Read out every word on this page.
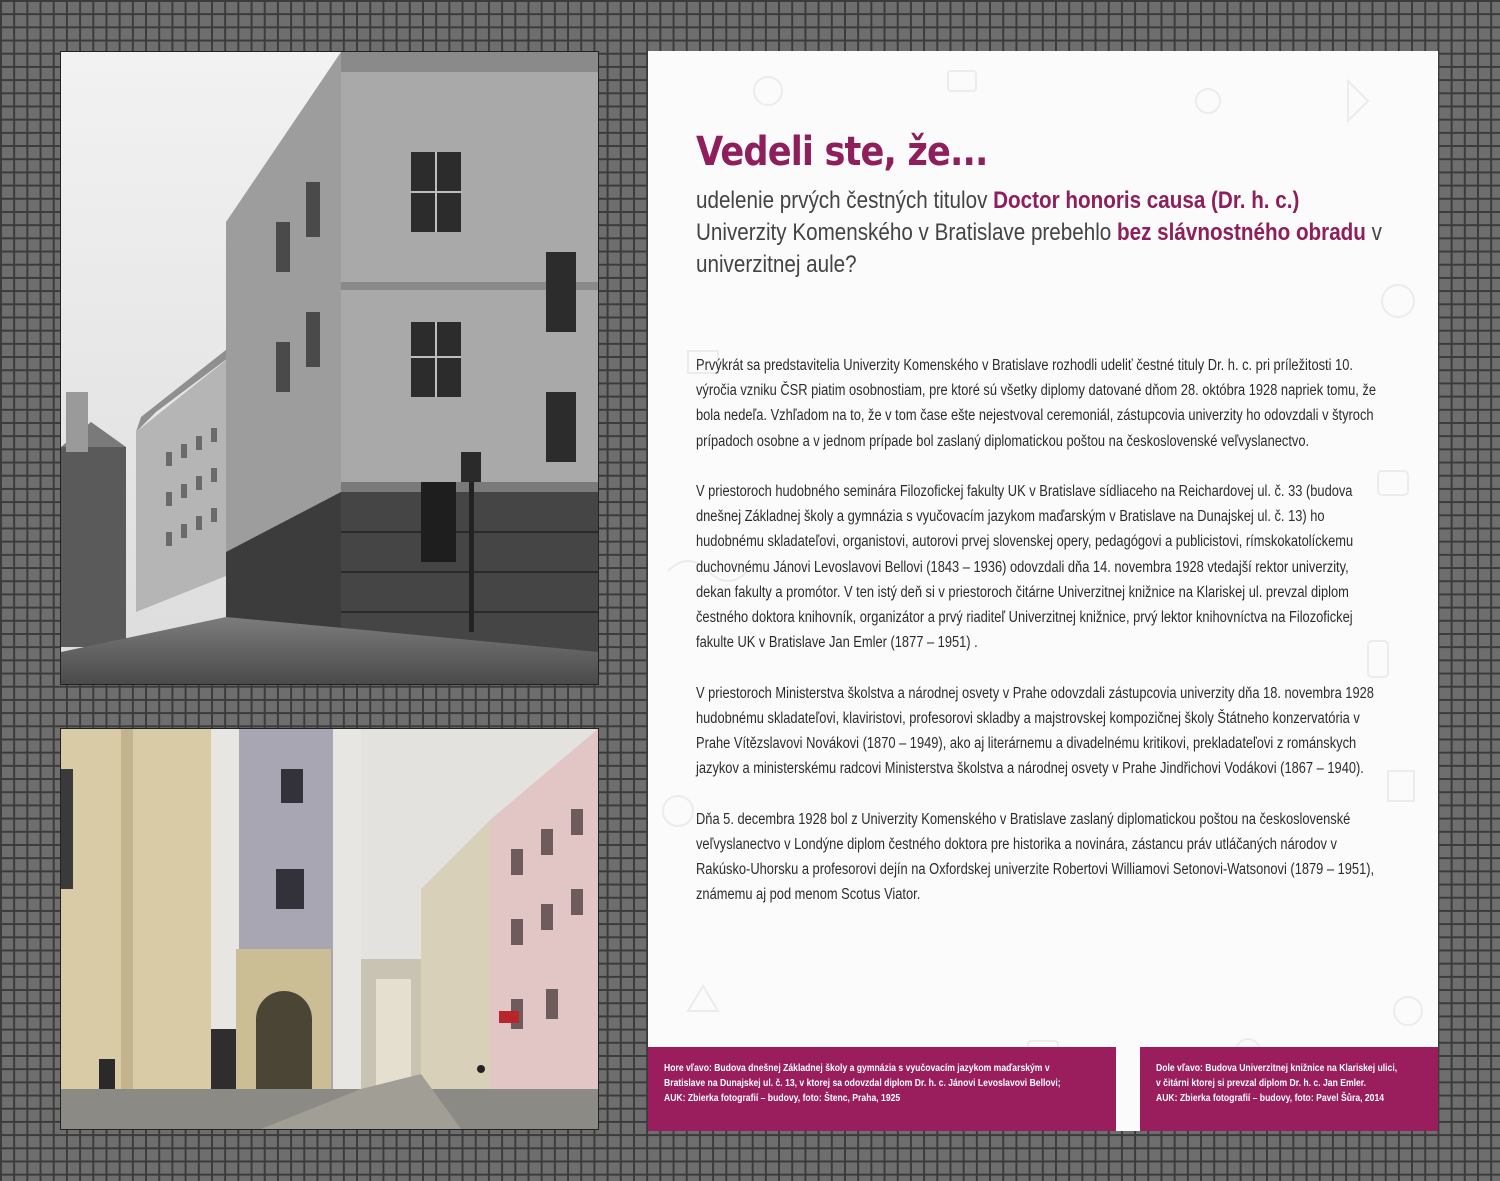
Vedeli ste, že...

udelenie prvých čestných titulov Doctor honoris causa (Dr. h. c.) Univerzity Komenského v Bratislave prebehlo bez slávnostného obradu v univerzitnej aule?

Prvýkrát sa predstavitelia Univerzity Komenského v Bratislave rozhodli udeliť čestné tituly Dr. h. c. pri príležitosti 10. výročia vzniku ČSR piatim osobnostiam, pre ktoré sú všetky diplomy datované dňom 28. októbra 1928 napriek tomu, že bola nedeľa. Vzhľadom na to, že v tom čase ešte nejestvoval ceremoniál, zástupcovia univerzity ho odovzdali v štyroch prípadoch osobne a v jednom prípade bol zaslaný diplomatickou poštou na československé veľvyslanectvo.

V priestoroch hudobného seminára Filozofickej fakulty UK v Bratislave sídliaceho na Reichardovej ul. č. 33 (budova dnešnej Základnej školy a gymnázia s vyučovacím jazykom maďarským v Bratislave na Dunajskej ul. č. 13) ho hudobnému skladateľovi, organistovi, autorovi prvej slovenskej opery, pedagógovi a publicistovi, rímskokatolíckemu duchovnému Jánovi Levoslavovi Bellovi (1843 – 1936) odovzdali dňa 14. novembra 1928 vtedajší rektor univerzity, dekan fakulty a promótor. V ten istý deň si v priestoroch čitárne Univerzitnej knižnice na Klariskej ul. prevzal diplom čestného doktora knihovník, organizátor a prvý riaditeľ Univerzitnej knižnice, prvý lektor knihovníctva na Filozofickej fakulte UK v Bratislave Jan Emler (1877 – 1951) .

V priestoroch Ministerstva školstva a národnej osvety v Prahe odovzdali zástupcovia univerzity dňa 18. novembra 1928 hudobnému skladateľovi, klaviristovi, profesorovi skladby a majstrovskej kompozičnej školy Štátneho konzervatória v Prahe Vítězslavovi Novákovi (1870 – 1949), ako aj literárnemu a divadelnému kritikovi, prekladateľovi z románskych jazykov a ministerskému radcovi Ministerstva školstva a národnej osvety v Prahe Jindřichovi Vodákovi (1867 – 1940).

Dňa 5. decembra 1928 bol z Univerzity Komenského v Bratislave zaslaný diplomatickou poštou na československé veľvyslanectvo v Londýne diplom čestného doktora pre historika a novinára, zástancu práv utláčaných národov v Rakúsko-Uhorsku a profesorovi dejín na Oxfordskej univerzite Robertovi Williamovi Setonovi-Watsonovi (1879 – 1951), známemu aj pod menom Scotus Viator.

Hore vľavo: Budova dnešnej Základnej školy a gymnázia s vyučovacím jazykom maďarským v
Bratislave na Dunajskej ul. č. 13, v ktorej sa odovzdal diplom Dr. h. c. Jánovi Levoslavovi Bellovi;
AUK: Zbierka fotografií – budovy, foto: Štenc, Praha, 1925
Dole vľavo: Budova Univerzitnej knižnice na Klariskej ulici,
v čitárni ktorej si prevzal diplom Dr. h. c. Jan Emler.
AUK: Zbierka fotografií – budovy, foto: Pavel Šůra, 2014
